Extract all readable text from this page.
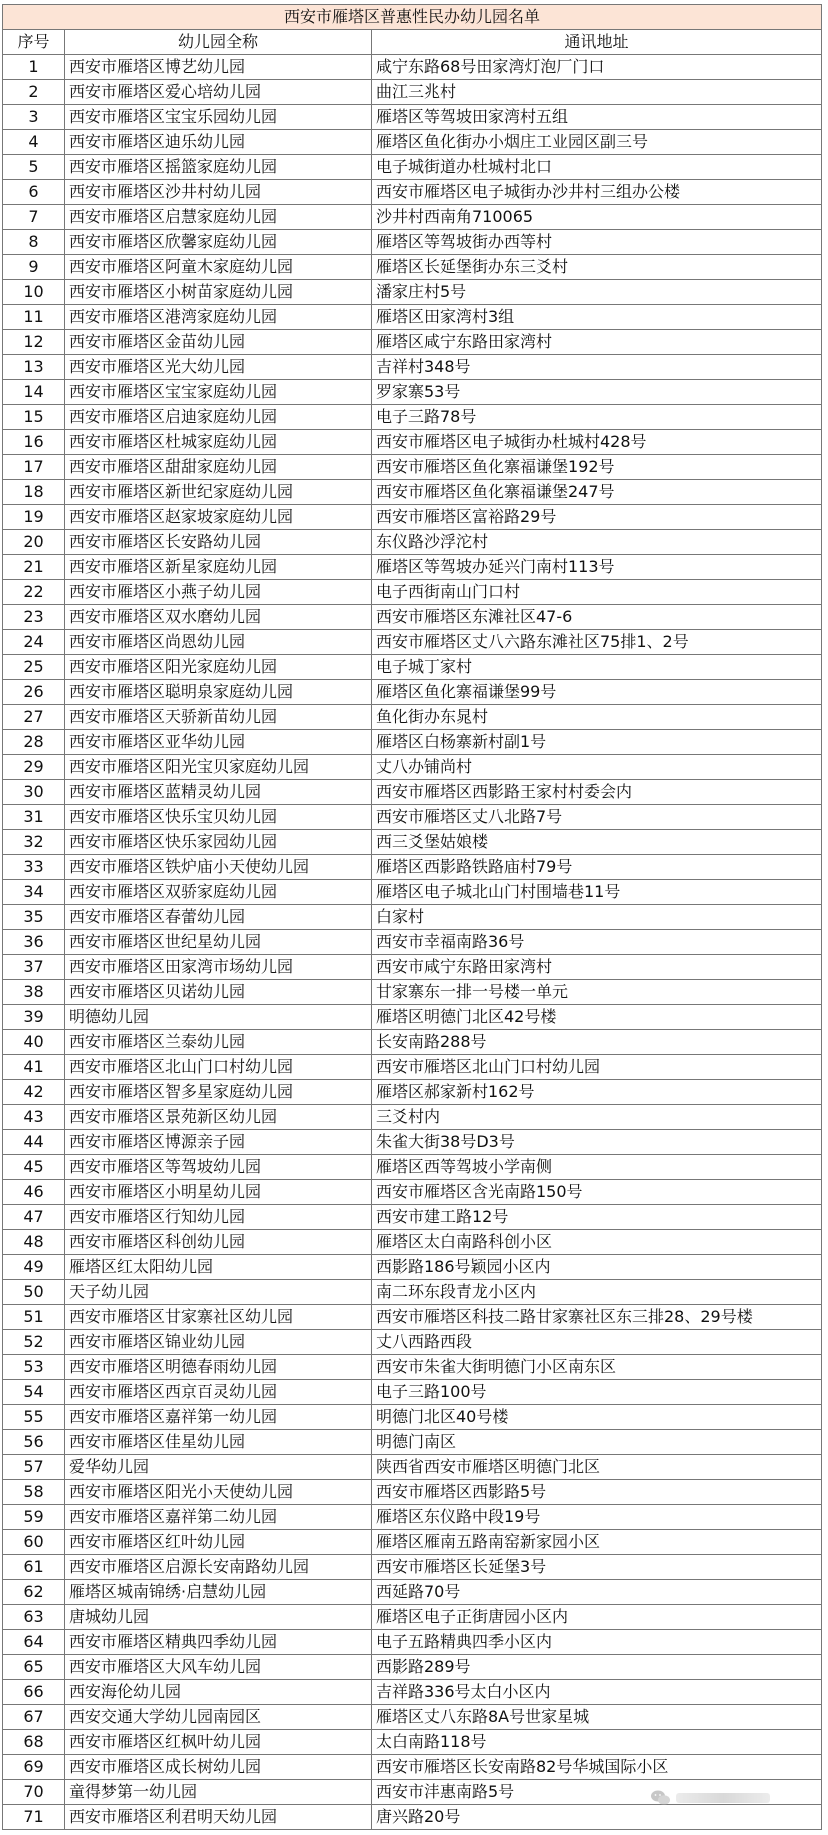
西安市雁塔区普惠性民办幼儿园名单		
序号	幼儿园全称	通讯地址
1	西安市雁塔区博艺幼儿园	咸宁东路68号田家湾灯泡厂门口
2	西安市雁塔区爱心培幼儿园	曲江三兆村
3	西安市雁塔区宝宝乐园幼儿园	雁塔区等驾坡田家湾村五组
4	西安市雁塔区迪乐幼儿园	雁塔区鱼化街办小烟庄工业园区副三号
5	西安市雁塔区摇篮家庭幼儿园	电子城街道办杜城村北口
6	西安市雁塔区沙井村幼儿园	西安市雁塔区电子城街办沙井村三组办公楼
7	西安市雁塔区启慧家庭幼儿园	沙井村西南角710065
8	西安市雁塔区欣馨家庭幼儿园	雁塔区等驾坡街办西等村
9	西安市雁塔区阿童木家庭幼儿园	雁塔区长延堡街办东三爻村
10	西安市雁塔区小树苗家庭幼儿园	潘家庄村5号
11	西安市雁塔区港湾家庭幼儿园	雁塔区田家湾村3组
12	西安市雁塔区金苗幼儿园	雁塔区咸宁东路田家湾村
13	西安市雁塔区光大幼儿园	吉祥村348号
14	西安市雁塔区宝宝家庭幼儿园	罗家寨53号
15	西安市雁塔区启迪家庭幼儿园	电子三路78号
16	西安市雁塔区杜城家庭幼儿园	西安市雁塔区电子城街办杜城村428号
17	西安市雁塔区甜甜家庭幼儿园	西安市雁塔区鱼化寨福谦堡192号
18	西安市雁塔区新世纪家庭幼儿园	西安市雁塔区鱼化寨福谦堡247号
19	西安市雁塔区赵家坡家庭幼儿园	西安市雁塔区富裕路29号
20	西安市雁塔区长安路幼儿园	东仪路沙浮沱村
21	西安市雁塔区新星家庭幼儿园	雁塔区等驾坡办延兴门南村113号
22	西安市雁塔区小燕子幼儿园	电子西街南山门口村
23	西安市雁塔区双水磨幼儿园	西安市雁塔区东滩社区47-6
24	西安市雁塔区尚恩幼儿园	西安市雁塔区丈八六路东滩社区75排1、2号
25	西安市雁塔区阳光家庭幼儿园	电子城丁家村
26	西安市雁塔区聪明泉家庭幼儿园	雁塔区鱼化寨福谦堡99号
27	西安市雁塔区天骄新苗幼儿园	鱼化街办东晁村
28	西安市雁塔区亚华幼儿园	雁塔区白杨寨新村副1号
29	西安市雁塔区阳光宝贝家庭幼儿园	丈八办铺尚村
30	西安市雁塔区蓝精灵幼儿园	西安市雁塔区西影路王家村村委会内
31	西安市雁塔区快乐宝贝幼儿园	西安市雁塔区丈八北路7号
32	西安市雁塔区快乐家园幼儿园	西三爻堡姑娘楼
33	西安市雁塔区铁炉庙小天使幼儿园	雁塔区西影路铁路庙村79号
34	西安市雁塔区双骄家庭幼儿园	雁塔区电子城北山门村围墙巷11号
35	西安市雁塔区春蕾幼儿园	白家村
36	西安市雁塔区世纪星幼儿园	西安市幸福南路36号
37	西安市雁塔区田家湾市场幼儿园	西安市咸宁东路田家湾村
38	西安市雁塔区贝诺幼儿园	甘家寨东一排一号楼一单元
39	明德幼儿园	雁塔区明德门北区42号楼
40	西安市雁塔区兰泰幼儿园	长安南路288号
41	西安市雁塔区北山门口村幼儿园	西安市雁塔区北山门口村幼儿园
42	西安市雁塔区智多星家庭幼儿园	雁塔区郝家新村162号
43	西安市雁塔区景苑新区幼儿园	三爻村内
44	西安市雁塔区博源亲子园	朱雀大街38号D3号
45	西安市雁塔区等驾坡幼儿园	雁塔区西等驾坡小学南侧
46	西安市雁塔区小明星幼儿园	西安市雁塔区含光南路150号
47	西安市雁塔区行知幼儿园	西安市建工路12号
48	西安市雁塔区科创幼儿园	雁塔区太白南路科创小区
49	雁塔区红太阳幼儿园	西影路186号颖园小区内
50	天子幼儿园	南二环东段青龙小区内
51	西安市雁塔区甘家寨社区幼儿园	西安市雁塔区科技二路甘家寨社区东三排28、29号楼
52	西安市雁塔区锦业幼儿园	丈八西路西段
53	西安市雁塔区明德春雨幼儿园	西安市朱雀大街明德门小区南东区
54	西安市雁塔区西京百灵幼儿园	电子三路100号
55	西安市雁塔区嘉祥第一幼儿园	明德门北区40号楼
56	西安市雁塔区佳星幼儿园	明德门南区
57	爱华幼儿园	陕西省西安市雁塔区明德门北区
58	西安市雁塔区阳光小天使幼儿园	西安市雁塔区西影路5号
59	西安市雁塔区嘉祥第二幼儿园	雁塔区东仪路中段19号
60	西安市雁塔区红叶幼儿园	雁塔区雁南五路南窑新家园小区
61	西安市雁塔区启源长安南路幼儿园	西安市雁塔区长延堡3号
62	雁塔区城南锦绣·启慧幼儿园	西延路70号
63	唐城幼儿园	雁塔区电子正街唐园小区内
64	西安市雁塔区精典四季幼儿园	电子五路精典四季小区内
65	西安市雁塔区大风车幼儿园	西影路289号
66	西安海伦幼儿园	吉祥路336号太白小区内
67	西安交通大学幼儿园南园区	雁塔区丈八东路8A号世家星城
68	西安市雁塔区红枫叶幼儿园	太白南路118号
69	西安市雁塔区成长树幼儿园	西安市雁塔区长安南路82号华城国际小区
70	童得梦第一幼儿园	西安市沣惠南路5号
71	西安市雁塔区利君明天幼儿园	唐兴路20号
